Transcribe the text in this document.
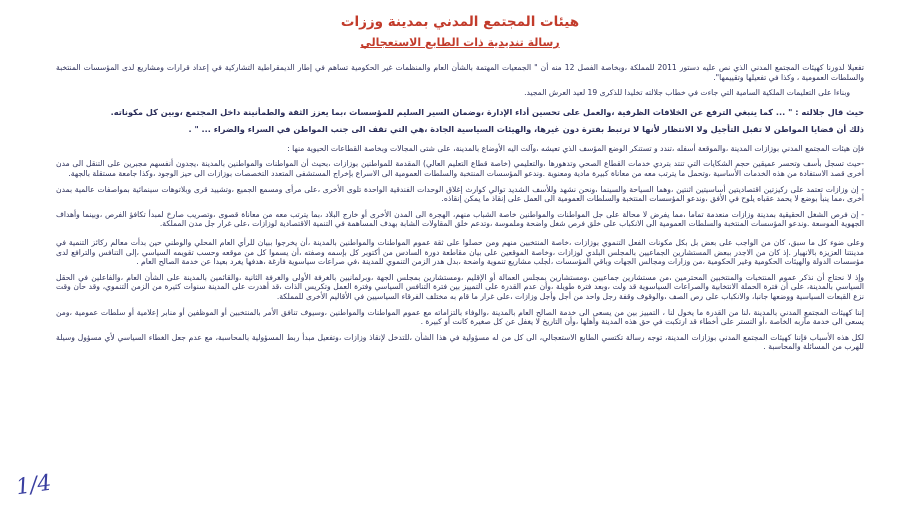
هيئات المجتمع المدني بمدينة وززات
رسالة تنديدية ذات الطابع الاستعجالي

تفعيلا لدورنا كهيئات المجتمع المدني الذي نص عليه دستور 2011 للمملكة ،وبخاصة الفصل 12 منه أن " الجمعيات المهتمة بالشأن العام والمنظمات غير الحكومية تساهم في إطار الديمقراطية التشاركية في إعداد قرارات ومشاريع لدى المؤسسات المنتخبة والسلطات العمومية ، وكذا في تفعيلها وتقييمها".

وبناءا على التعليمات الملكية السامية التي جاءت في خطاب جلالته تخليدا للذكرى 19 لعيد العرش المجيد.

حيث قال جلالته : " ... كما ينبغي الترفع عن الخلافات الظرفية ،والعمل على تحسين أداء الإدارة ،وضمان السير السليم للمؤسسات ،بما يعزز الثقة والطمأنينة داخل المجتمع ،وبين كل مكوناته.

ذلك أن قضايا المواطن لا تقبل التأجيل ولا الانتظار لأنها لا ترتبط بفترة دون غيرها، والهيئات السياسية الجادة ،هي التي تقف الى جنب المواطن في السراء والضراء ... " .

فإن هيئات المجتمع المدني بوزازات المدينة ،والموقعة أسفله ،تندد و تستنكر الوضع المؤسف الذي تعيشه ،وآلت اليه الأوضاع بالمدينة، على شتى المجالات وبخاصة القطاعات الحيوية منها :

-حيث تسجل بأسف وتحسر عميقين حجم الشكايات التي تنتد بتردي خدمات القطاع الصحي وتدهورها ،والتعليمي (خاصة قطاع التعليم العالي) المقدمة للمواطنين بوزازات ،بحيث أن المواطنات والمواطنين بالمدينة ،يجدون أنفسهم مجبرين على التنقل الى مدن أخرى قصد الاستفادة من هذه الخدمات الأساسية ،وتحمل ما يترتب معه من معاناة كبيرة مادية ومعنوية .وندعو المؤسسات المنتخبة والسلطات العمومية الى الاسراع بإخراج المستشفى المتعدد التخصصات بوزازات الى حيز الوجود ،وكذا جامعة مستقلة بالجهة.

- إن وزازات تعتمد على ركيزتين اقتصاديتين أساسيتين اثنتين ،وهما السياحة والسينما ،ونحن نشهد وللأسف الشديد توالي كوارث إغلاق الوحدات الفندقية الواحدة تلوى الأخرى ،على مرأى ومسمع الجميع ،وتشييد قرى وبلاتوهات سينمائية بمواصفات عالمية بمدن أخرى ،مما ينبأ بوضع لا يحمد عقباه يلوح في الأفق ،وندعو المؤسسات المنتخبة والسلطات العمومية الى العمل على إنقاذ ما يمكن إنقاذه.

- إن فرص الشغل الحقيقية بمدينة وزازات منعدمة تماما ،مما يفرض لا محالة على جل المواطنات والمواطنين خاصة الشباب منهم، الهجرة الى المدن الأخرى أو خارج البلاد ،بما يترتب معه من معاناة قصوى ،وتصريب صارخ لمبدأ تكافؤ الفرص ،وبينما وأهداف الجهوية الموسعة .وندعو المؤسسات المنتخبة والسلطات العمومية الى الانكباب على خلق فرص شغل واضحة وملموسة ،وتدعم خلق المقاولات الشابة بهدف المساهمة في التنمية الاقتصادية لوزازات ،على غرار جل مدن المملكة.

وعلى ضوء كل ما سبق، كان من الواجب على بعض بل بكل مكونات الفعل التنموي بوزازات ،خاصة المنتخبين منهم ومن حصلوا على ثقة عموم المواطنات والمواطنين بالمدينة ،أن يخرجوا ببيان للرأي العام المحلي والوطني حين بدأت معالم ركائز التنمية في مدينتنا العزيزة بالانهيار .إذ كان من الاجدر ببعض المستشارين الجماعيين بالمجلس البلدي لوزازات ،وخاصة الموقعين على بيان مقاطعة دورة السادس من أكتوبر كل بإسمه وصفته ،أن يسموا كل من موقعه وحسب تقويمه السياسي ،إلى التنافس والترافع لدى مؤسسات الدولة والهيئات الحكومية وغير الحكومية ،من وزارات ومجالس الجهات وباقي المؤسسات ،لجلب مشاريع تنموية واضحة ،بدل هدر الزمن التنموي للمدينة ،في صراعات سياسوية فارغة ،هدفها يغرد بعيدا عن خدمة الصالح العام .

وإذ لا نحتاج أن نذكر عموم المنتخبات والمنتخبين المحترمين ،من مستشارين جماعيين ،ومستشارين بمجلس العمالة أو الإقليم ،ومستشارين بمجلس الجهة ،وبرلمانيين بالغرفة الأولى والغرفة الثانية ،والقائمين بالمدينة على الشأن العام ،والفاعلين في الحقل السياسي بالمدينة، على أن فترة الحملة الانتخابية والصراعات السياسوية قد ولت ،وبعد فترة طويلة ،وأن عدم القدرة على التمييز بين فترة التنافس السياسي وفترة العمل وتكريس الذات ،قد أهدرت على المدينة سنوات كثيرة من الزمن التنموي، وقد حان وقت نزع القبعات السياسية ووضعها جانبا، والانكباب على رص الصف ،والوقوف وقفة رجل واحد من أجل وأجل وزازات ،على غرار ما قام به مختلف الفرقاء السياسيين في الأقاليم الأخرى للمملكة.

إننا كهيئات المجتمع المدني بالمدينة ،لنا من القدرة ما يخول لنا ، التمييز بين من يسعى الى خدمة الصالح العام بالمدينة ،والوفاء بالتزاماته مع عموم المواطنات والمواطنين ،وسيوف تنافق الأمر بالمنتخبين أو الموظفين أو منابر إعلامية أو سلطات عمومية ،ومن يسعى الى خدمة مآربه الخاصة ،أو التستر على أخطاء قد ارتكبت في حق هذه المدينة وأهلها ،وأن التاريخ لا يغفل عن كل صغيرة كانت أو كبيرة .

لكل هذه الأسباب فإننا كهيئات المجتمع المدني بوزازات المدينة، توجه رسالة تكتسي الطابع الاستعجالي، الى كل من له مسؤولية في هذا الشأن ،للتدخل لإنقاذ وزازات ،وتفعيل مبدأ ربط المسؤولية بالمحاسبة، مع عدم جعل الغطاء السياسي لأي مسؤول وسيلة للهرب من المسائلة والمحاسبة .

1/4
